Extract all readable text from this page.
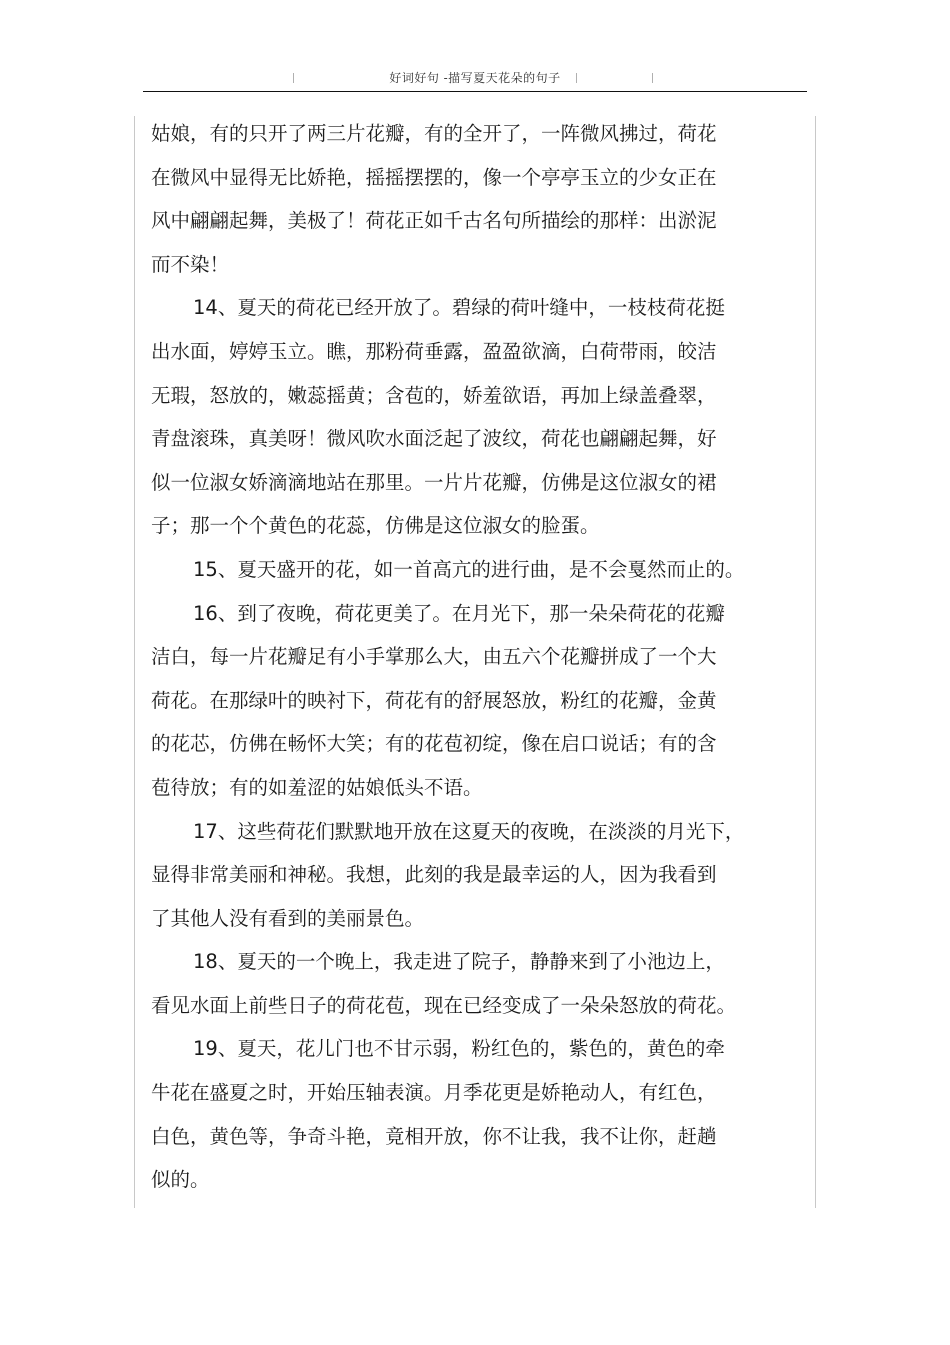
好词好句 -描写夏天花朵的句子
姑娘，有的只开了两三片花瓣，有的全开了，一阵微风拂过，荷花
在微风中显得无比娇艳，摇摇摆摆的，像一个亭亭玉立的少女正在
风中翩翩起舞，美极了！荷花正如千古名句所描绘的那样：出淤泥
而不染！
14、夏天的荷花已经开放了。碧绿的荷叶缝中，一枝枝荷花挺
出水面，婷婷玉立。瞧，那粉荷垂露，盈盈欲滴，白荷带雨，皎洁
无瑕，怒放的，嫩蕊摇黄；含苞的，娇羞欲语，再加上绿盖叠翠，
青盘滚珠，真美呀！微风吹水面泛起了波纹，荷花也翩翩起舞，好
似一位淑女娇滴滴地站在那里。一片片花瓣，仿佛是这位淑女的裙
子；那一个个黄色的花蕊，仿佛是这位淑女的脸蛋。
15、夏天盛开的花，如一首高亢的进行曲，是不会戛然而止的。
16、到了夜晚，荷花更美了。在月光下，那一朵朵荷花的花瓣
洁白，每一片花瓣足有小手掌那么大，由五六个花瓣拼成了一个大
荷花。在那绿叶的映衬下，荷花有的舒展怒放，粉红的花瓣，金黄
的花芯，仿佛在畅怀大笑；有的花苞初绽，像在启口说话；有的含
苞待放；有的如羞涩的姑娘低头不语。
17、这些荷花们默默地开放在这夏天的夜晚，在淡淡的月光下，
显得非常美丽和神秘。我想，此刻的我是最幸运的人，因为我看到
了其他人没有看到的美丽景色。
18、夏天的一个晚上，我走进了院子，静静来到了小池边上，
看见水面上前些日子的荷花苞，现在已经变成了一朵朵怒放的荷花。
19、夏天，花儿门也不甘示弱，粉红色的，紫色的，黄色的牵
牛花在盛夏之时，开始压轴表演。月季花更是娇艳动人，有红色，
白色，黄色等，争奇斗艳，竟相开放，你不让我，我不让你，赶趟
似的。
